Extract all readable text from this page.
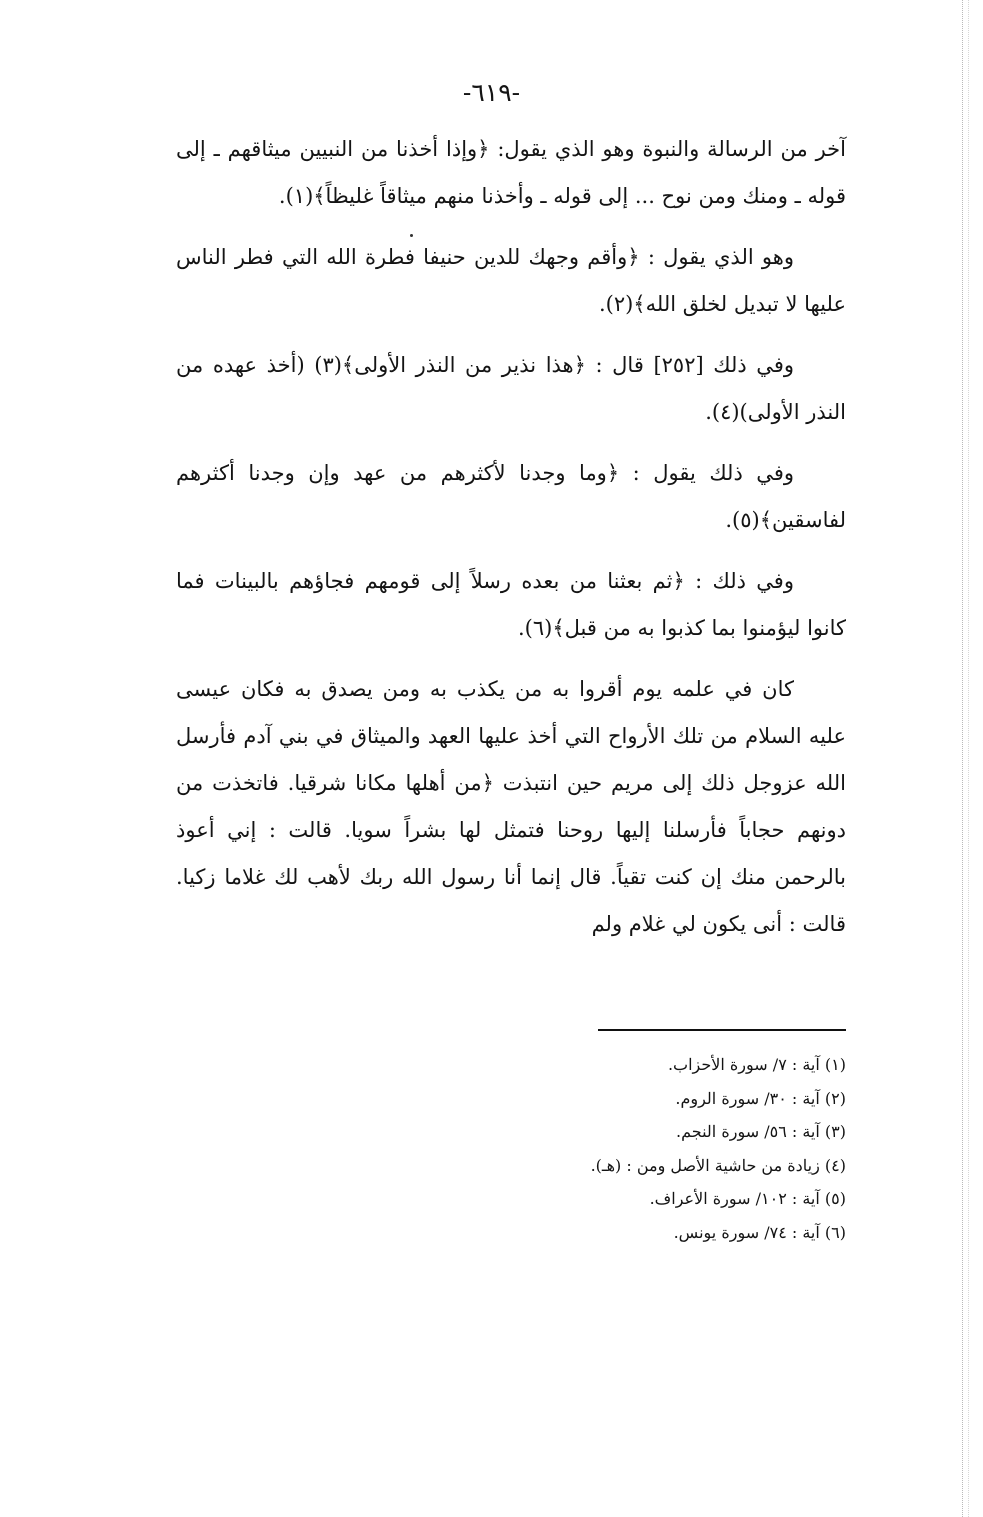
-٦١٩-

آخر من الرسالة والنبوة وهو الذي يقول: ﴿وإذا أخذنا من النبيين ميثاقهم ـ إلى قوله ـ ومنك ومن نوح ... إلى قوله ـ وأخذنا منهم ميثاقاً غليظاً﴾(١).

وهو الذي يقول : ﴿وأقم وجهك للدين حنيفا فطرة الله التي فطر الناس عليها لا تبديل لخلق الله﴾(٢).

وفي ذلك [٢٥٢] قال : ﴿هذا نذير من النذر الأولى﴾(٣) (أخذ عهده من النذر الأولى)(٤).

وفي ذلك يقول : ﴿وما وجدنا لأكثرهم من عهد وإن وجدنا أكثرهم لفاسقين﴾(٥).

وفي ذلك : ﴿ثم بعثنا من بعده رسلاً إلى قومهم فجاؤهم بالبينات فما كانوا ليؤمنوا بما كذبوا به من قبل﴾(٦).

كان في علمه يوم أقروا به من يكذب به ومن يصدق به فكان عيسى عليه السلام من تلك الأرواح التي أخذ عليها العهد والميثاق في بني آدم فأرسل الله عزوجل ذلك إلى مريم حين انتبذت ﴿من أهلها مكانا شرقيا. فاتخذت من دونهم حجاباً فأرسلنا إليها روحنا فتمثل لها بشراً سويا. قالت : إني أعوذ بالرحمن منك إن كنت تقياً. قال إنما أنا رسول الله ربك لأهب لك غلاما زكيا. قالت : أنى يكون لي غلام ولم

(١) آية : ٧/ سورة الأحزاب.
(٢) آية : ٣٠/ سورة الروم.
(٣) آية : ٥٦/ سورة النجم.
(٤) زيادة من حاشية الأصل ومن : (هـ).
(٥) آية : ١٠٢/ سورة الأعراف.
(٦) آية : ٧٤/ سورة يونس.
